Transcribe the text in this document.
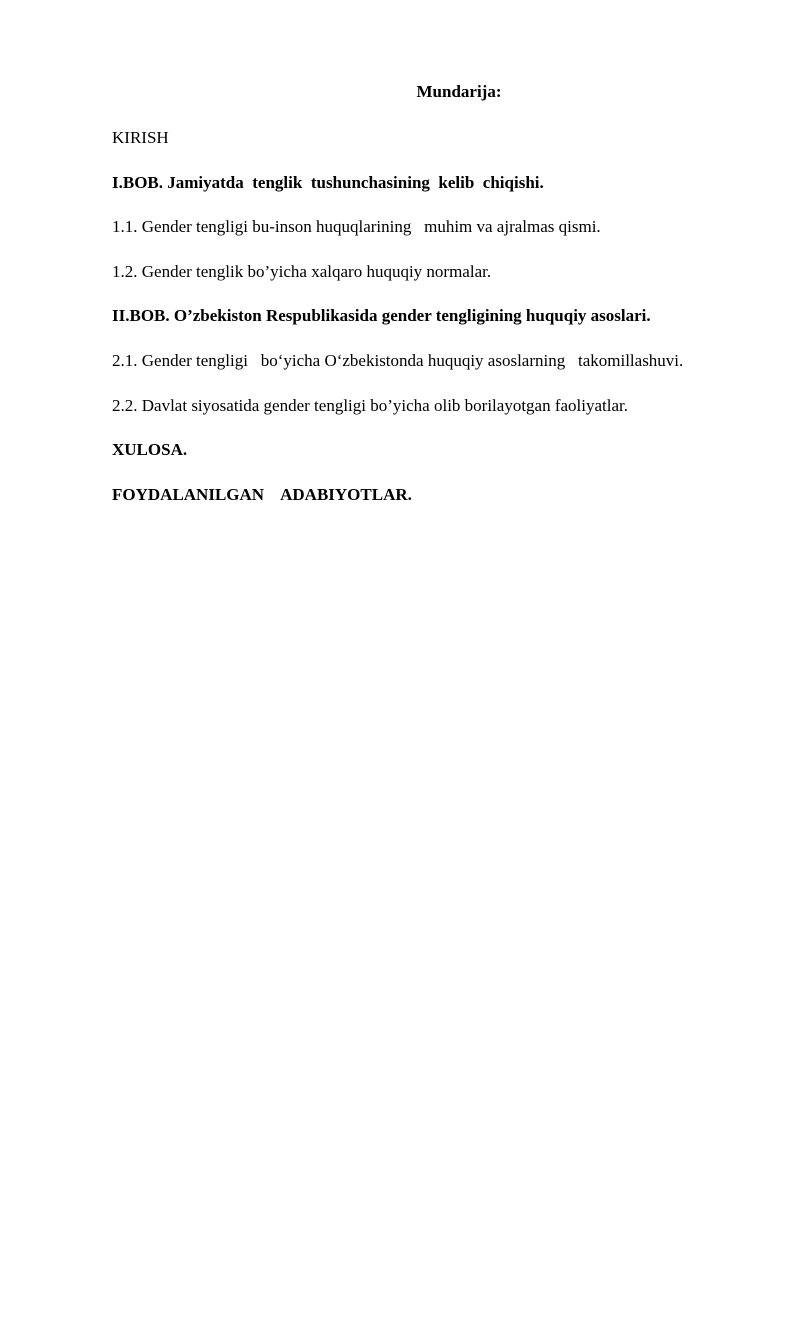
Mundarija:
KIRISH
I.BOB. Jamiyatda  tenglik  tushunchasining  kelib  chiqishi.
1.1. Gender tengligi bu-inson huquqlarining   muhim va ajralmas qismi.
1.2. Gender tenglik bo’yicha xalqaro huquqiy normalar.
II.BOB. O’zbekiston Respublikasida gender tengligining huquqiy asoslari.
2.1. Gender tengligi   bo‘yicha O‘zbekistonda huquqiy asoslarning   takomillashuvi.
2.2. Davlat siyosatida gender tengligi bo’yicha olib borilayotgan faoliyatlar.
XULOSA.
FOYDALANILGAN    ADABIYOTLAR.
